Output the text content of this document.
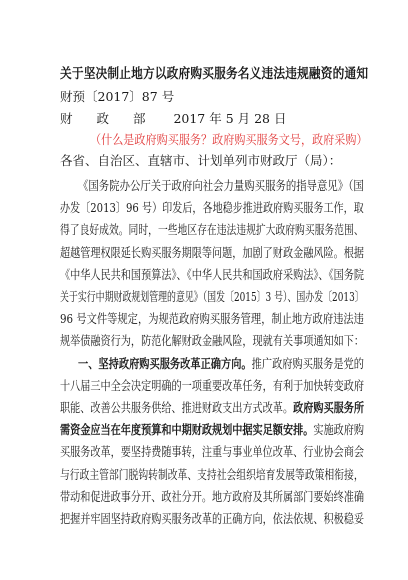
关于坚决制止地方以政府购买服务名义违法违规融资的通知
财预〔2017〕87 号
财 政 部 2017 年 5 月 28 日
（什么是政府购买服务？政府购买服务文号，政府采购）
各省、自治区、直辖市、计划单列市财政厅（局）：
《国务院办公厅关于政府向社会力量购买服务的指导意见》（国
办发〔2013〕96 号）印发后，各地稳步推进政府购买服务工作，取
得了良好成效。同时，一些地区存在违法违规扩大政府购买服务范围、
超越管理权限延长购买服务期限等问题，加剧了财政金融风险。根据
《中华人民共和国预算法》、《中华人民共和国政府采购法》、《国务院
关于实行中期财政规划管理的意见》（国发〔2015〕3 号）、国办发〔2013〕
96 号文件等规定，为规范政府购买服务管理，制止地方政府违法违
规举债融资行为，防范化解财政金融风险，现就有关事项通知如下：
一、坚持政府购买服务改革正确方向。推广政府购买服务是党的
十八届三中全会决定明确的一项重要改革任务，有利于加快转变政府
职能、改善公共服务供给、推进财政支出方式改革。政府购买服务所
需资金应当在年度预算和中期财政规划中据实足额安排。实施政府购
买服务改革，要坚持费随事转，注重与事业单位改革、行业协会商会
与行政主管部门脱钩转制改革、支持社会组织培育发展等政策相衔接，
带动和促进政事分开、政社分开。地方政府及其所属部门要始终准确
把握并牢固坚持政府购买服务改革的正确方向，依法依规、积极稳妥
